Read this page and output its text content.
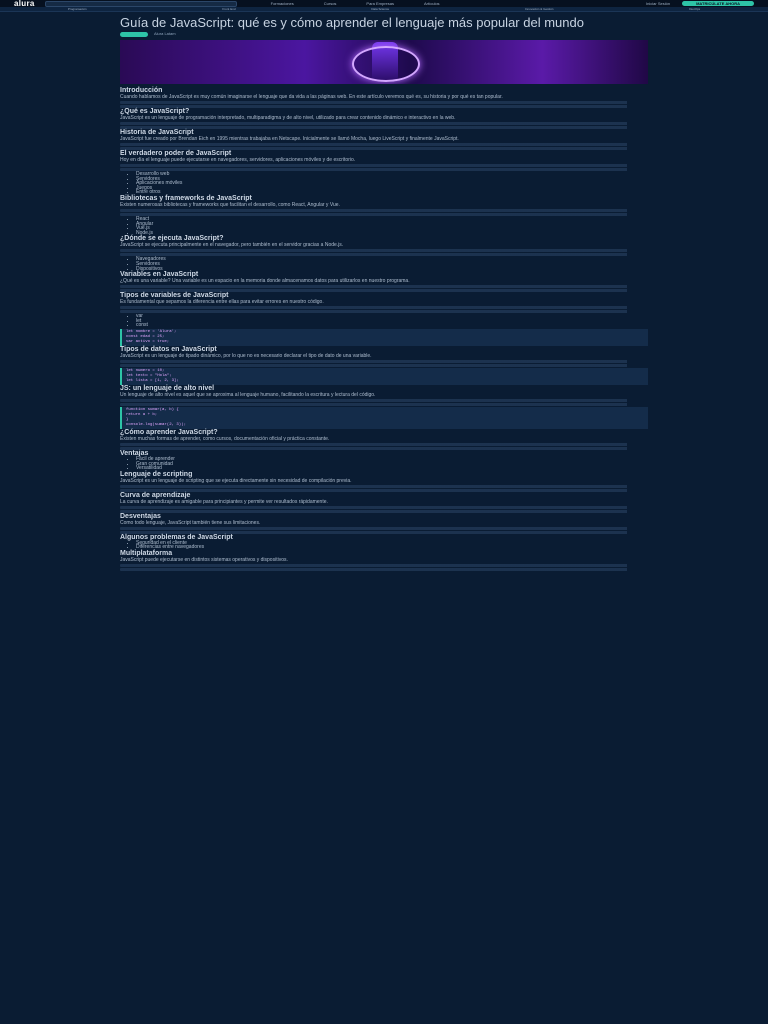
alura	Formaciones	Cursos	Para Empresas	Artículos	Iniciar Sesión	MATRICÚLATE AHORA
Programación	Front End	Data Science	Innovación & Gestión	DevOps
Guía de JavaScript: qué es y cómo aprender el lenguaje más popular del mundo
Alura Latam
Introducción

Cuando hablamos de JavaScript es muy común imaginarse el lenguaje que da vida a las páginas web. En este artículo veremos qué es, su historia y por qué es tan popular.

¿Qué es JavaScript?

JavaScript es un lenguaje de programación interpretado, multiparadigma y de alto nivel, utilizado para crear contenido dinámico e interactivo en la web.

Historia de JavaScript

JavaScript fue creado por Brendan Eich en 1995 mientras trabajaba en Netscape. Inicialmente se llamó Mocha, luego LiveScript y finalmente JavaScript.

El verdadero poder de JavaScript

Hoy en día el lenguaje puede ejecutarse en navegadores, servidores, aplicaciones móviles y de escritorio.

• Desarrollo web
• Servidores
• Aplicaciones móviles
• Juegos
• Entre otros
Bibliotecas y frameworks de JavaScript

Existen numerosas bibliotecas y frameworks que facilitan el desarrollo, como React, Angular y Vue.

• React
• Angular
• Vue.js
• Node.js
¿Dónde se ejecuta JavaScript?

JavaScript se ejecuta principalmente en el navegador, pero también en el servidor gracias a Node.js.

• Navegadores
• Servidores
• Dispositivos
Variables en JavaScript

¿Qué es una variable? Una variable es un espacio en la memoria donde almacenamos datos para utilizarlos en nuestro programa.

Tipos de variables de JavaScript

Es fundamental que sepamos la diferencia entre ellas para evitar errores en nuestro código.

• var
• let
• const
let nombre = 'Alura';
const edad = 25;
var activo = true;
Tipos de datos en JavaScript

JavaScript es un lenguaje de tipado dinámico, por lo que no es necesario declarar el tipo de dato de una variable.

let numero = 10;
let texto = "Hola";
let lista = [1, 2, 3];
JS: un lenguaje de alto nivel

Un lenguaje de alto nivel es aquel que se aproxima al lenguaje humano, facilitando la escritura y lectura del código.

function sumar(a, b) {
return a + b;
}
console.log(sumar(2, 3));
¿Cómo aprender JavaScript?

Existen muchas formas de aprender, como cursos, documentación oficial y práctica constante.

Ventajas
• Fácil de aprender
• Gran comunidad
• Versatilidad
Lenguaje de scripting

JavaScript es un lenguaje de scripting que se ejecuta directamente sin necesidad de compilación previa.

Curva de aprendizaje

La curva de aprendizaje es amigable para principiantes y permite ver resultados rápidamente.

Desventajas

Como todo lenguaje, JavaScript también tiene sus limitaciones.

Algunos problemas de JavaScript
• Seguridad en el cliente
• Diferencias entre navegadores
Multiplataforma

JavaScript puede ejecutarse en distintos sistemas operativos y dispositivos.
